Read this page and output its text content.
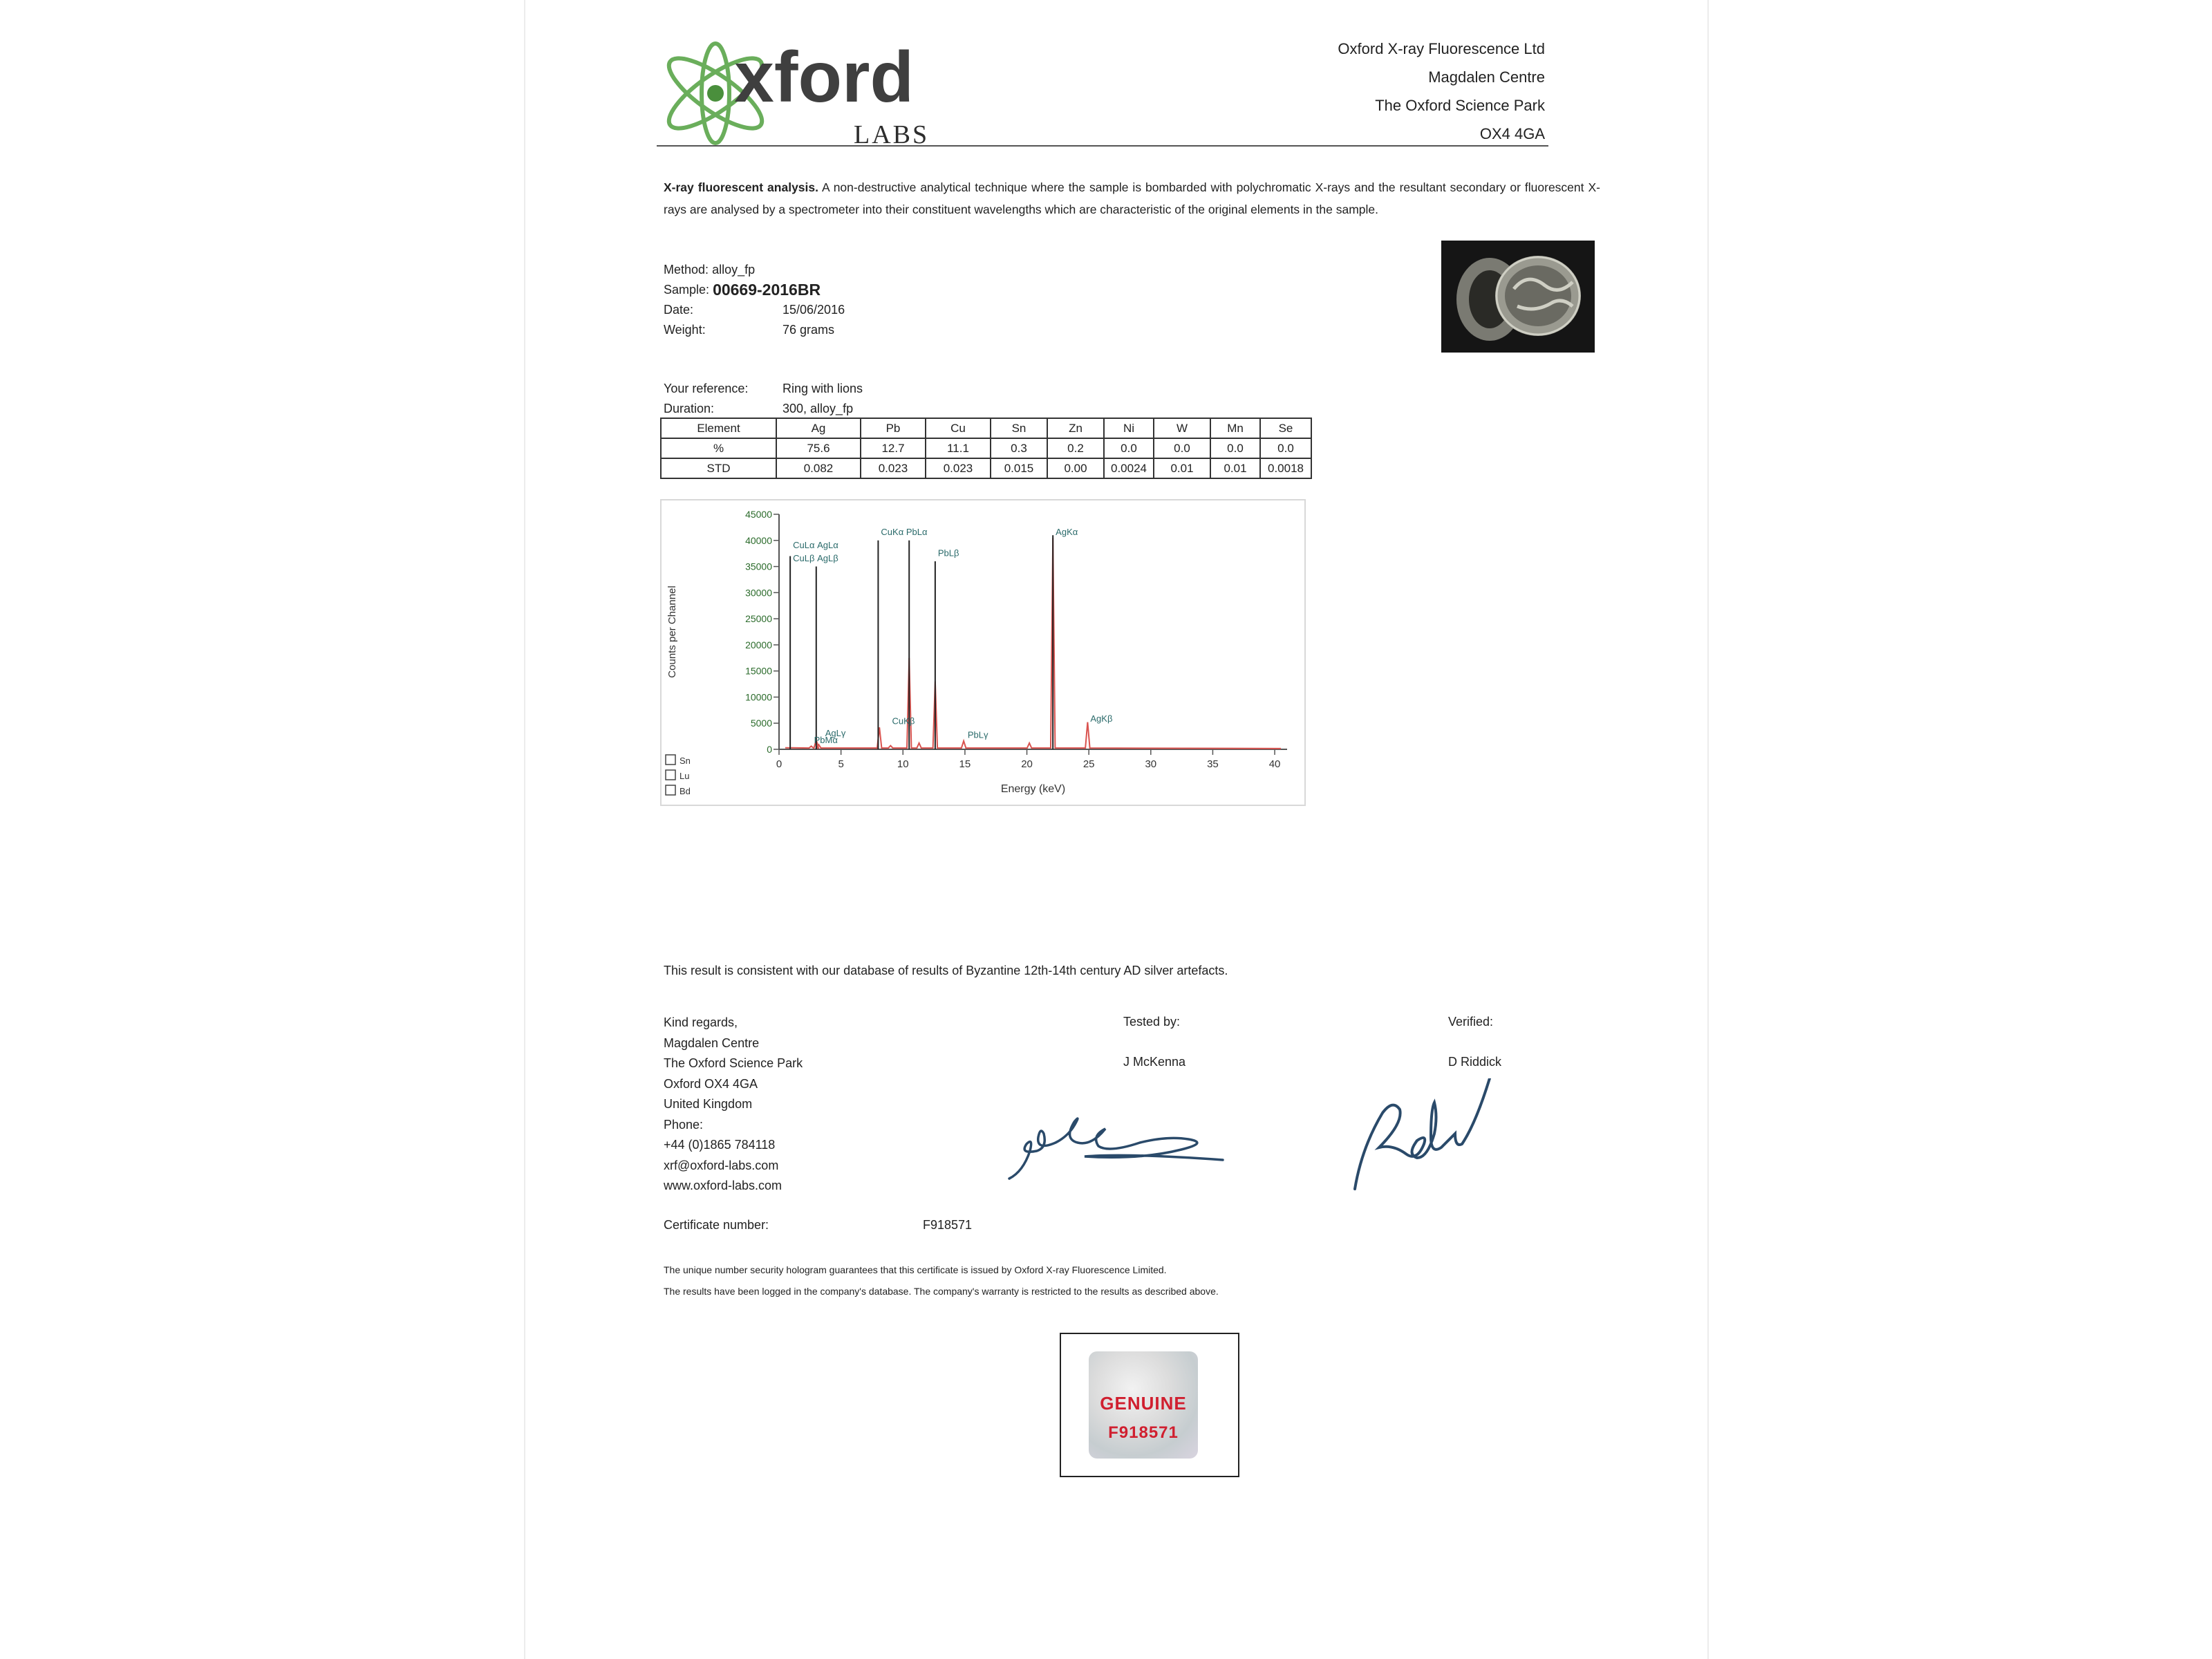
xford
LABS
Oxford X-ray Fluorescence Ltd
Magdalen Centre
The Oxford Science Park
OX4 4GA
X-ray fluorescent analysis. A non-destructive analytical technique where the sample is bombarded with polychromatic X-rays and the resultant secondary or fluorescent X-rays are analysed by a spectrometer into their constituent wavelengths which are characteristic of the original elements in the sample.
Method:
alloy_fp
Sample:
00669-2016BR
Date:	15/06/2016
Weight:	76 grams
Your reference:	Ring with lions
Duration:	300, alloy_fp
Element	Ag	Pb	Cu	Sn	Zn	Ni	W	Mn	Se
%	75.6	12.7	11.1	0.3	0.2	0.0	0.0	0.0	0.0
STD	0.082	0.023	0.023	0.015	0.00	0.0024	0.01	0.01	0.0018
0
5000
10000
15000
20000
25000
30000
35000
40000
45000
0	5	10	15	20	25	30	35	40
Energy (keV)
Counts per Channel
CuLα AgLα
CuLβ AgLβ
CuKα PbLα
PbLβ
AgKα
PbMα
AgLγ
CuKβ
PbLγ
AgKβ
Sn
Lu
Bd
This result is consistent with our database of results of Byzantine 12th-14th century AD silver artefacts.
Kind regards,
Magdalen Centre
The Oxford Science Park
Oxford OX4 4GA
United Kingdom
Phone:
+44 (0)1865 784118
xrf@oxford-labs.com
www.oxford-labs.com
Tested by:
J McKenna
Verified:
D Riddick
Certificate number:	F918571
The unique number security hologram guarantees that this certificate is issued by Oxford X-ray Fluorescence Limited.
The results have been logged in the company's database. The company's warranty is restricted to the results as described above.
GENUINE
F918571
